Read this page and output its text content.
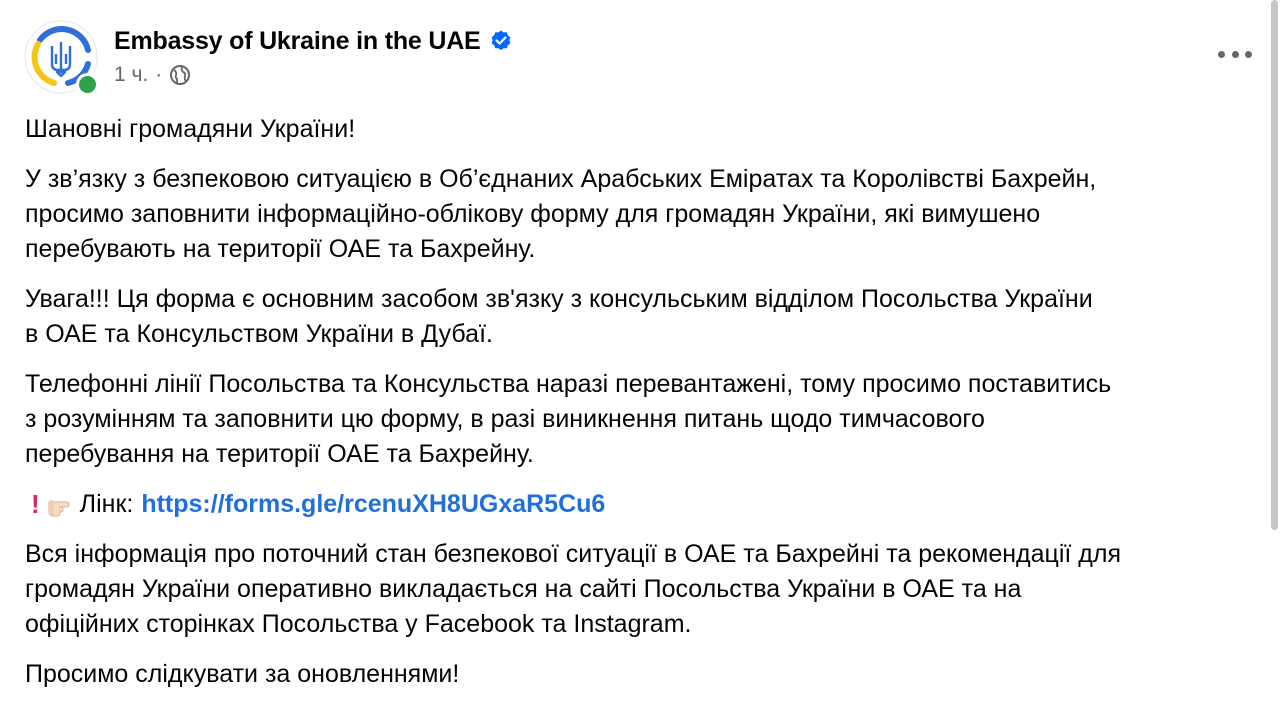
Embassy of Ukraine in the UAE
1 ч. ·

Шановні громадяни України!

У зв’язку з безпековою ситуацією в Об’єднаних Арабських Еміратах та Королівстві Бахрейн,
просимо заповнити інформаційно-облікову форму для громадян України, які вимушено
перебувають на території ОАЕ та Бахрейну.

Увага!!! Ця форма є основним засобом зв'язку з консульським відділом Посольства України
в ОАЕ та Консульством України в Дубаї.

Телефонні лінії Посольства та Консульства наразі перевантажені, тому просимо поставитись
з розумінням та заповнити цю форму, в разі виникнення питань щодо тимчасового
перебування на території ОАЕ та Бахрейну.

! Лінк: https://forms.gle/rcenuXH8UGxaR5Cu6

Вся інформація про поточний стан безпекової ситуації в ОАЕ та Бахрейні та рекомендації для
громадян України оперативно викладається на сайті Посольства України в ОАЕ та на
офіційних сторінках Посольства у Facebook та Instagram.

Просимо слідкувати за оновленнями!
